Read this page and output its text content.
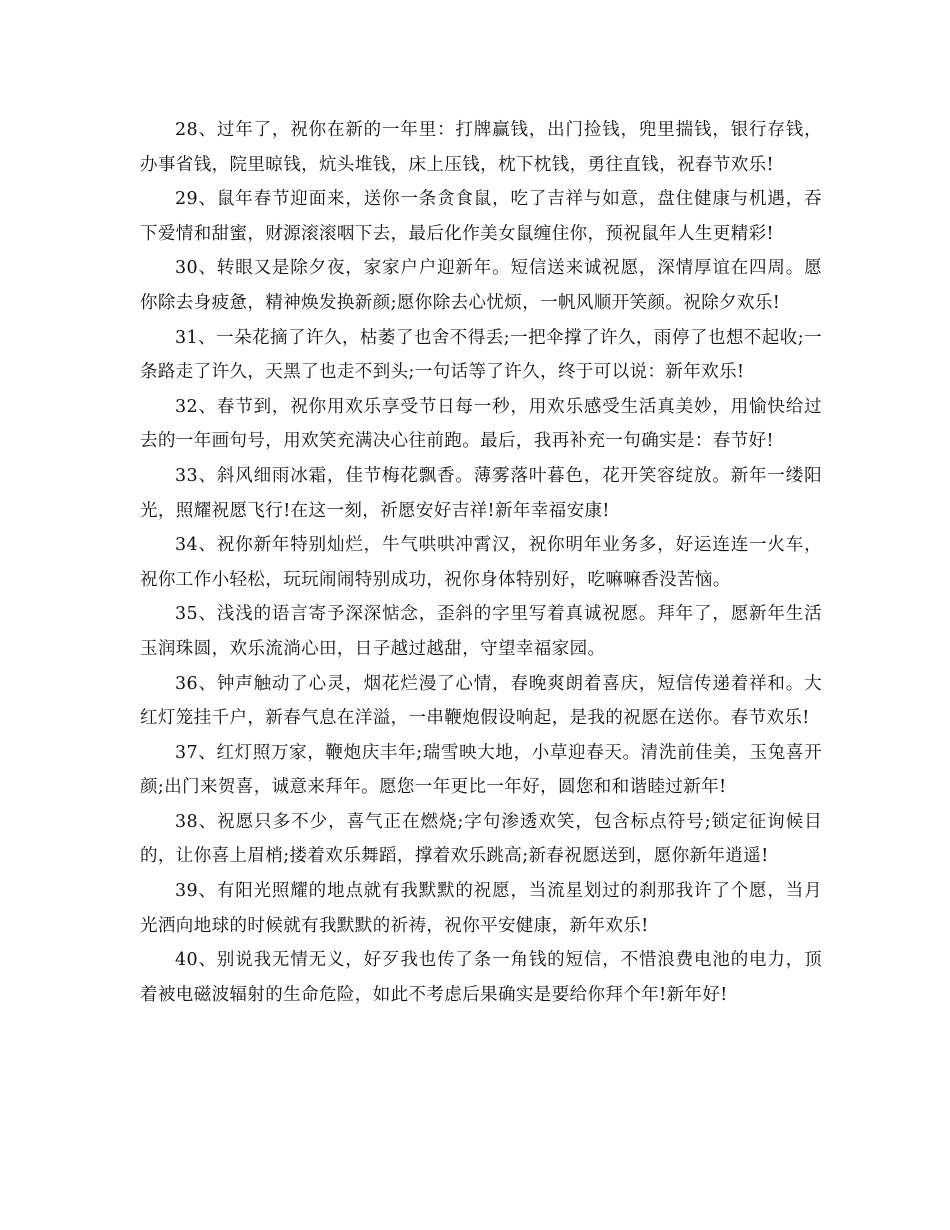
28、过年了，祝你在新的一年里：打牌赢钱，出门捡钱，兜里揣钱，银行存钱，办事省钱，院里晾钱，炕头堆钱，床上压钱，枕下枕钱，勇往直钱，祝春节欢乐!

29、鼠年春节迎面来，送你一条贪食鼠，吃了吉祥与如意，盘住健康与机遇，吞下爱情和甜蜜，财源滚滚咽下去，最后化作美女鼠缠住你，预祝鼠年人生更精彩!

30、转眼又是除夕夜，家家户户迎新年。短信送来诚祝愿，深情厚谊在四周。愿你除去身疲惫，精神焕发换新颜;愿你除去心忧烦，一帆风顺开笑颜。祝除夕欢乐!

31、一朵花摘了许久，枯萎了也舍不得丢;一把伞撑了许久，雨停了也想不起收;一条路走了许久，天黑了也走不到头;一句话等了许久，终于可以说：新年欢乐!

32、春节到，祝你用欢乐享受节日每一秒，用欢乐感受生活真美妙，用愉快给过去的一年画句号，用欢笑充满决心往前跑。最后，我再补充一句确实是：春节好!

33、斜风细雨冰霜，佳节梅花飘香。薄雾落叶暮色，花开笑容绽放。新年一缕阳光，照耀祝愿飞行!在这一刻，祈愿安好吉祥!新年幸福安康!

34、祝你新年特别灿烂，牛气哄哄冲霄汉，祝你明年业务多，好运连连一火车，祝你工作小轻松，玩玩闹闹特别成功，祝你身体特别好，吃嘛嘛香没苦恼。

35、浅浅的语言寄予深深惦念，歪斜的字里写着真诚祝愿。拜年了，愿新年生活玉润珠圆，欢乐流淌心田，日子越过越甜，守望幸福家园。

36、钟声触动了心灵，烟花烂漫了心情，春晚爽朗着喜庆，短信传递着祥和。大红灯笼挂千户，新春气息在洋溢，一串鞭炮假设响起，是我的祝愿在送你。春节欢乐!

37、红灯照万家，鞭炮庆丰年;瑞雪映大地，小草迎春天。清洗前佳美，玉兔喜开颜;出门来贺喜，诚意来拜年。愿您一年更比一年好，圆您和和谐睦过新年!

38、祝愿只多不少，喜气正在燃烧;字句渗透欢笑，包含标点符号;锁定征询候目的，让你喜上眉梢;搂着欢乐舞蹈，撑着欢乐跳高;新春祝愿送到，愿你新年逍遥!

39、有阳光照耀的地点就有我默默的祝愿，当流星划过的刹那我许了个愿，当月光洒向地球的时候就有我默默的祈祷，祝你平安健康，新年欢乐!

40、别说我无情无义，好歹我也传了条一角钱的短信，不惜浪费电池的电力，顶着被电磁波辐射的生命危险，如此不考虑后果确实是要给你拜个年!新年好!
